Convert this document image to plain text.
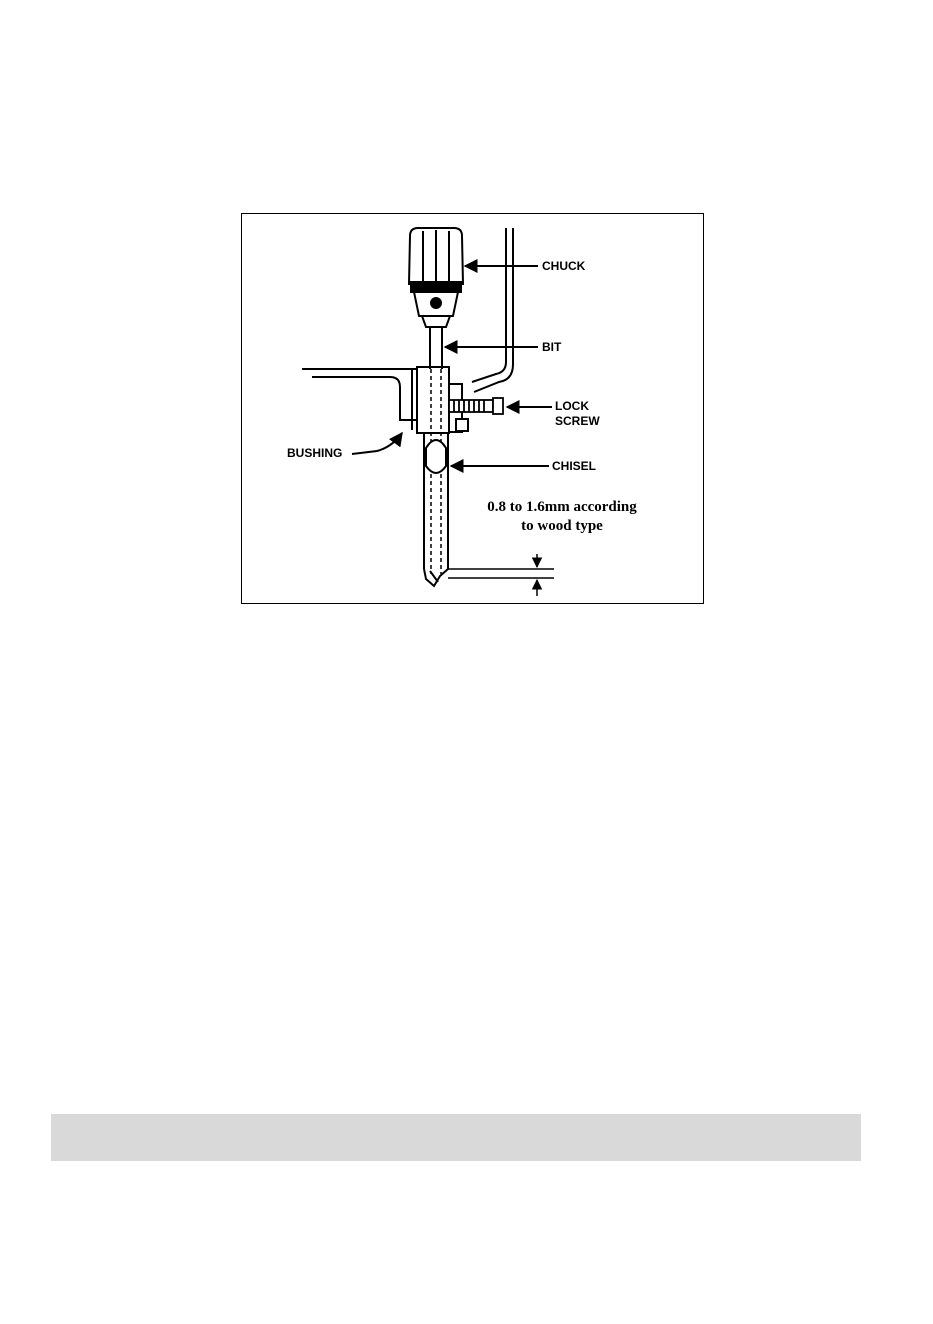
CHUCK
BIT
LOCK
SCREW
BUSHING
CHISEL
0.8 to 1.6mm according
to wood type
